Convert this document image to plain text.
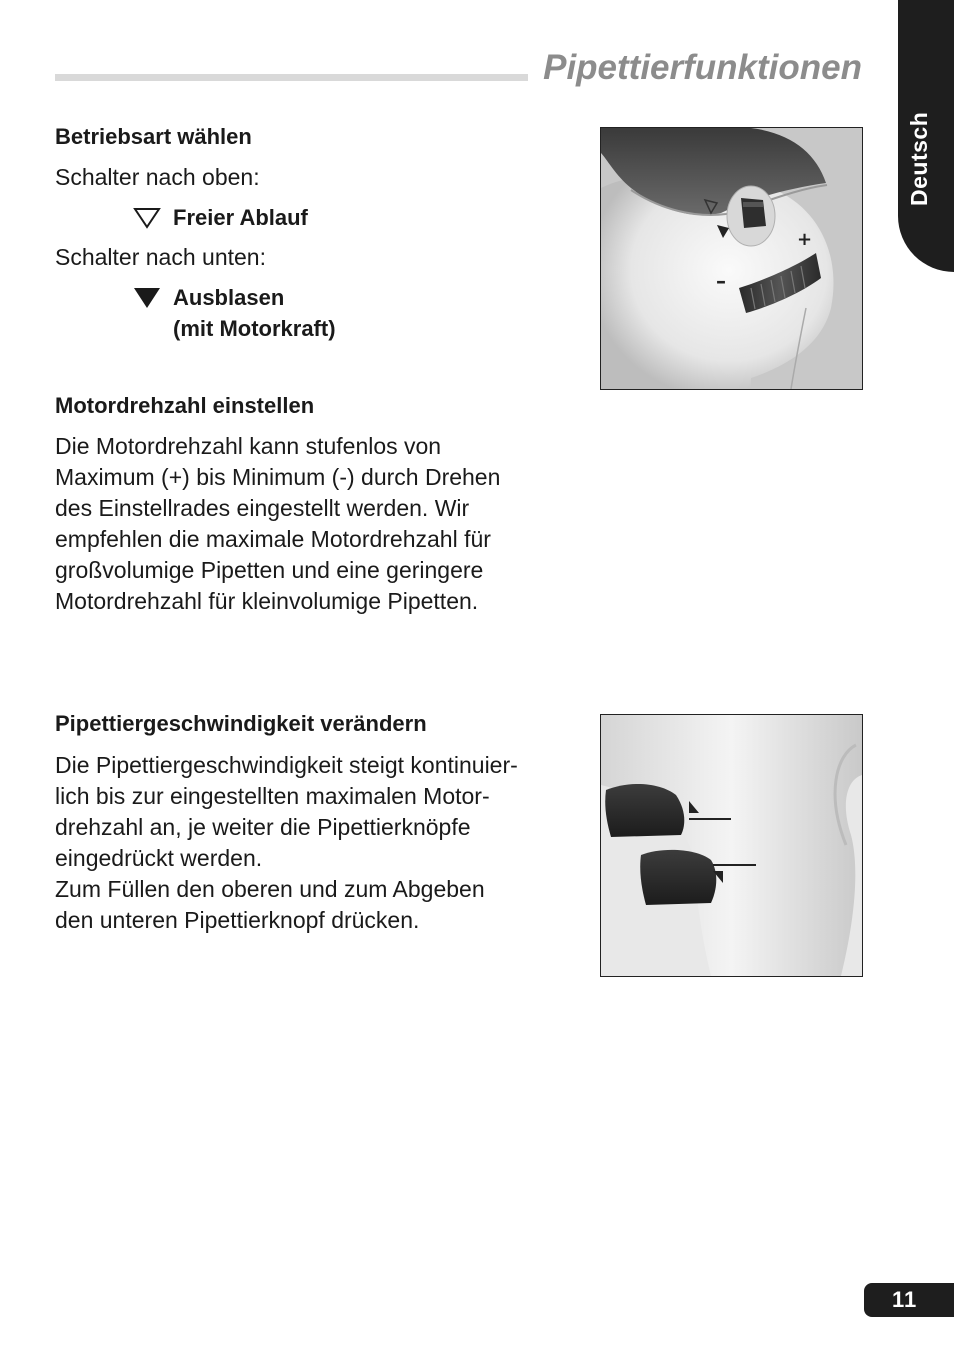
Pipettierfunktionen
Deutsch
Betriebsart wählen
Schalter nach oben:
Freier Ablauf
Schalter nach unten:
Ausblasen
(mit Motorkraft)
+
–
Motordrehzahl einstellen
Die Motordrehzahl kann stufenlos von
Maximum (+) bis Minimum (-) durch Drehen
des Einstellrades eingestellt werden. Wir
empfehlen die maximale Motordrehzahl für
großvolumige Pipetten und eine geringere
Motordrehzahl für kleinvolumige Pipetten.
Pipettiergeschwindigkeit verändern
Die Pipettiergeschwindigkeit steigt kontinuier-
lich bis zur eingestellten maximalen Motor-
drehzahl an, je weiter die Pipettierknöpfe
eingedrückt werden.
Zum Füllen den oberen und zum Abgeben
den unteren Pipettierknopf drücken.
11
